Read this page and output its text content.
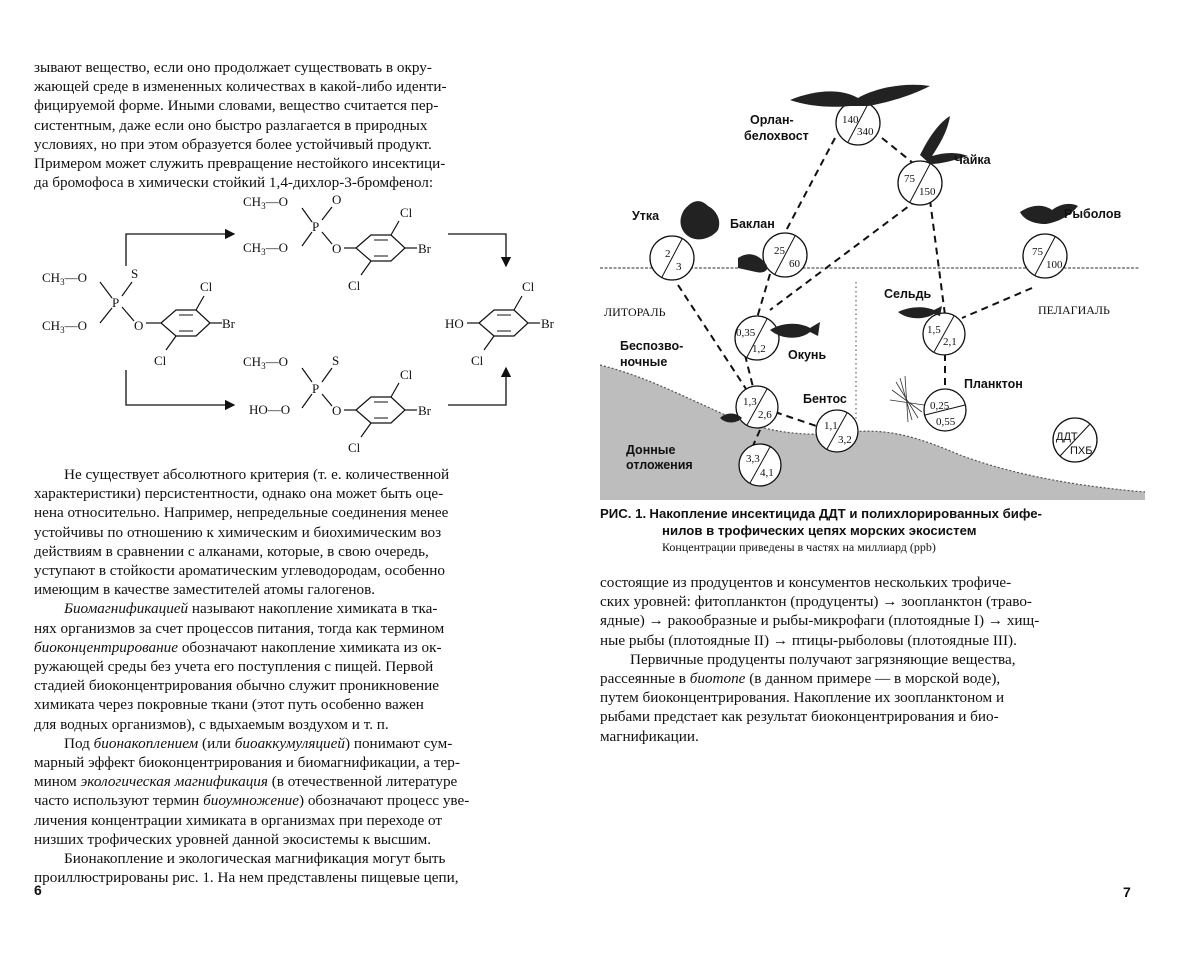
зывают вещество, если оно продолжает существовать в окру-
жающей среде в измененных количествах в какой-либо иденти-
фицируемой форме. Иными словами, вещество считается пер-
систентным, даже если оно быстро разлагается в природных
условиях, но при этом образуется более устойчивый продукт.
Примером может служить превращение нестойкого инсектици-
да бромофоса в химически стойкий 1,4-дихлор-3-бромфенол:
$CH_3—O$
$CH_3—O$
P
S
O
Cl
Br
Cl
$CH_3—O$
$CH_3—O$
P
O
O
Cl
Br
Cl
$CH_3—O$
HO—O
P
S
O
Cl
Br
Cl
HO
Cl
Br
Cl
Не существует абсолютного критерия (т. е. количественной
характеристики) персистентности, однако она может быть оце-
нена относительно. Например, непредельные соединения менее
устойчивы по отношению к химическим и биохимическим воз
действиям в сравнении с алканами, которые, в свою очередь,
уступают в стойкости ароматическим углеводородам, особенно
имеющим в качестве заместителей атомы галогенов.
Биомагнификацией называют накопление химиката в тка-
нях организмов за счет процессов питания, тогда как термином
биоконцентрирование обозначают накопление химиката из ок-
ружающей среды без учета его поступления с пищей. Первой
стадией биоконцентрирования обычно служит проникновение
химиката через покровные ткани (этот путь особенно важен
для водных организмов), с вдыхаемым воздухом и т. п.
Под бионакоплением (или биоаккумуляцией) понимают сум-
марный эффект биоконцентрирования и биомагнификации, а тер-
мином экологическая магнификация (в отечественной литературе
часто используют термин биоумножение) обозначают процесс уве-
личения концентрации химиката в организмах при переходе от
низших трофических уровней данной экосистемы к высшим.
Бионакопление и экологическая магнификация могут быть
проиллюстрированы рис. 1. На нем представлены пищевые цепи,
6
140
340
75
150
2
3
25
60
75
100
0,35
1,2
1,5
2,1
1,3
2,6
1,1
3,2
0,25
0,55
3,3
4,1
ДДТ
ПХБ
Орлан-
белохвост
Чайка
Утка
Баклан
Рыболов
Сельдь
Беспозво-
ночные	Окунь
Планктон
Бентос
Донные
отложения
ЛИТОРАЛЬ	ПЕЛАГИАЛЬ
РИС. 1. Накопление инсектицида ДДТ и полихлорированных бифе-
нилов в трофических цепях морских экосистем
Концентрации приведены в частях на миллиард (ppb)
состоящие из продуцентов и консументов нескольких трофиче-
ских уровней: фитопланктон (продуценты) → зоопланктон (траво-
ядные) → ракообразные и рыбы-микрофаги (плотоядные I) → хищ-
ные рыбы (плотоядные II) → птицы-рыболовы (плотоядные III).
Первичные продуценты получают загрязняющие вещества,
рассеянные в биотопе (в данном примере — в морской воде),
путем биоконцентрирования. Накопление их зоопланктоном и
рыбами предстает как результат биоконцентрирования и био-
магнификации.
7
